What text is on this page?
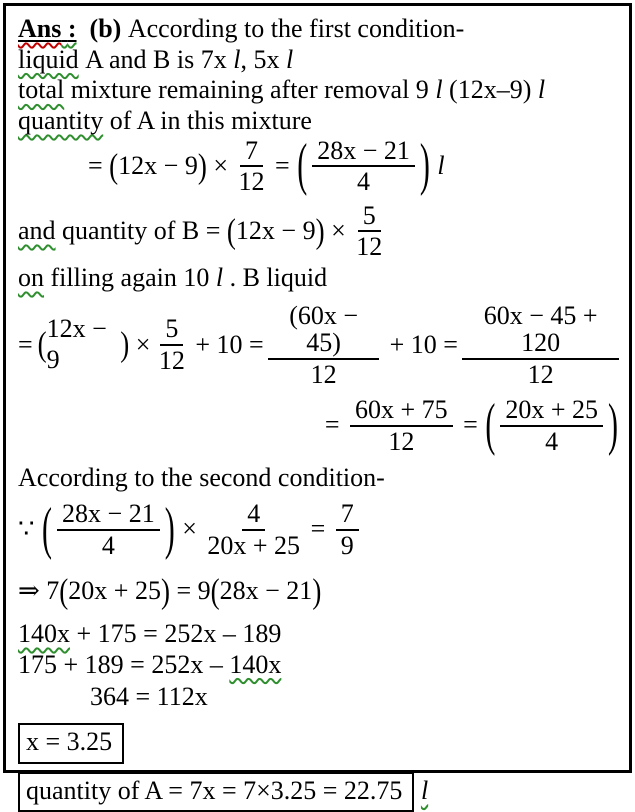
Ans :
(b) According to the first condition-
liquid A and B is 7x l , 5x l
total mixture remaining after removal 9 l (12x–9) l
quantity of A in this mixture
= ( 12x − 9 ) × $\frac{7}{12}$ = ( $\frac{28x - 21}{4}$ )
l
and quantity of B = ( 12x − 9 ) × $\frac{5}{12}$
on filling again 10 l . B liquid
=
( 12x − 9	) × $\frac{5}{12} + 10$ =
$\frac{(60x - 45)}{12} + 10$ =
$\frac{60x - 45 + 120}{12}$
= $\frac{60x + 75}{12}$ = ( $\frac{20x + 25}{4}$ )
According to the second condition-
∵ ( $\frac{28x - 21}{4}$ ) × $\frac{4}{20x + 25} = \frac{7}{9}$
⇒ 7 ( 20x + 25 ) = 9 ( 28x − 21 )
140x + 175 = 252x – 189
175 + 189 = 252x – 140x
364 = 112x
x = 3.25
quantity of A = 7x = 7×3.25 = 22.75
l
